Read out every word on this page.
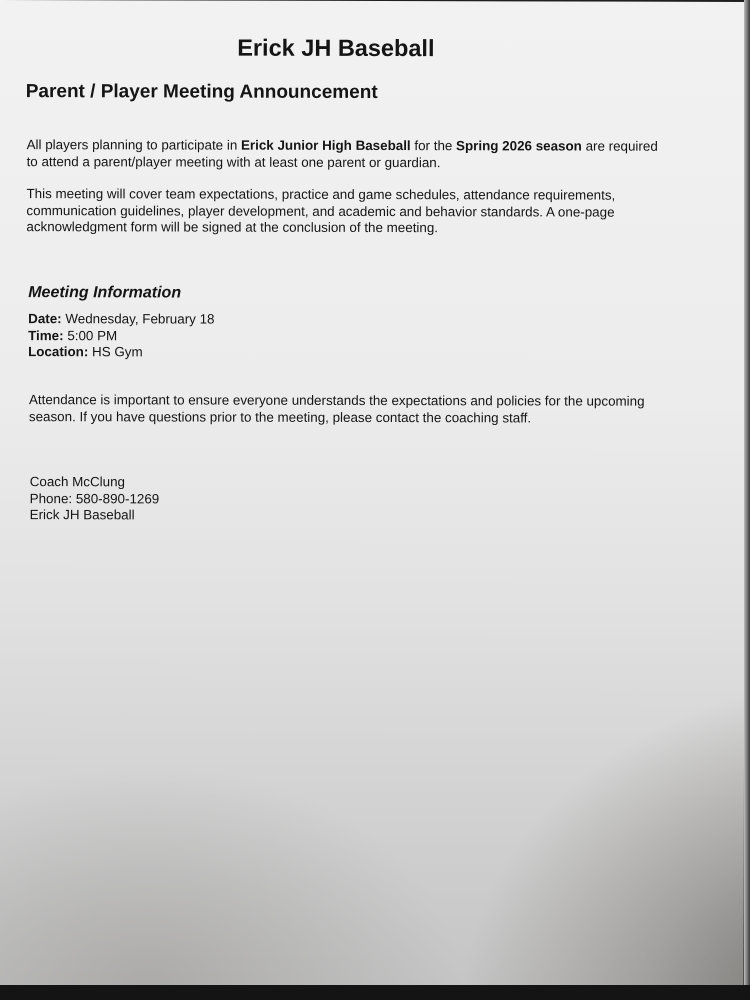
Erick JH Baseball
Parent / Player Meeting Announcement

All players planning to participate in Erick Junior High Baseball for the Spring 2026 season are required to attend a parent/player meeting with at least one parent or guardian.

This meeting will cover team expectations, practice and game schedules, attendance requirements, communication guidelines, player development, and academic and behavior standards. A one-page acknowledgment form will be signed at the conclusion of the meeting.

Meeting Information
Date: Wednesday, February 18
Time: 5:00 PM
Location: HS Gym

Attendance is important to ensure everyone understands the expectations and policies for the upcoming season. If you have questions prior to the meeting, please contact the coaching staff.

Coach McClung
Phone: 580-890-1269
Erick JH Baseball
